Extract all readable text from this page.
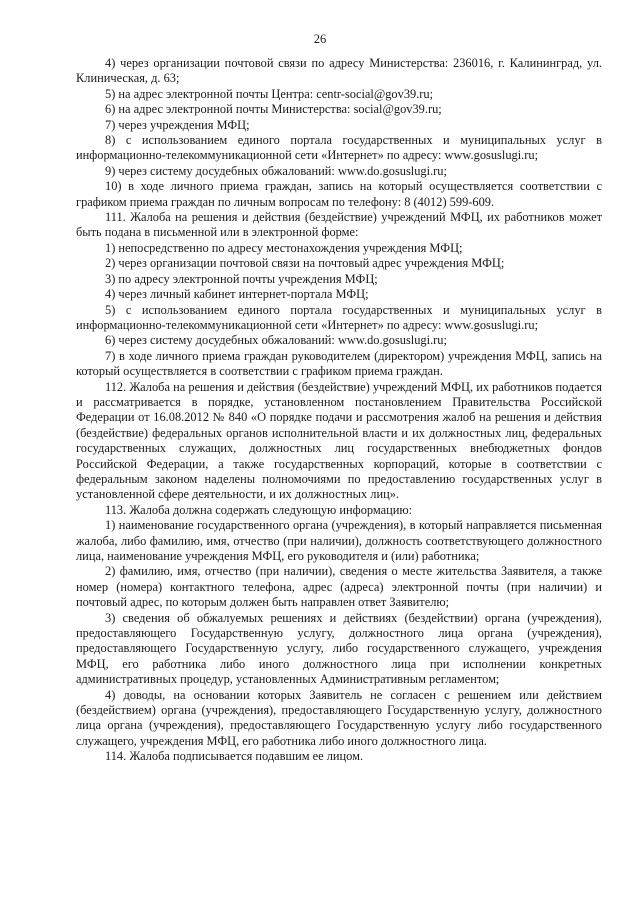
26

4) через организации почтовой связи по адресу Министерства: 236016, г. Калининград, ул. Клиническая, д. 63;

5) на адрес электронной почты Центра: centr-social@gov39.ru;

6) на адрес электронной почты Министерства: social@gov39.ru;

7) через учреждения МФЦ;

8) с использованием единого портала государственных и муниципальных услуг в информационно-телекоммуникационной сети «Интернет» по адресу: www.gosuslugi.ru;

9) через систему досудебных обжалований: www.do.gosuslugi.ru;

10) в ходе личного приема граждан, запись на который осуществляется соответствии с графиком приема граждан по личным вопросам по телефону: 8 (4012) 599-609.

111. Жалоба на решения и действия (бездействие) учреждений МФЦ, их работников может быть подана в письменной или в электронной форме:

1) непосредственно по адресу местонахождения учреждения МФЦ;

2) через организации почтовой связи на почтовый адрес учреждения МФЦ;

3) по адресу электронной почты учреждения МФЦ;

4) через личный кабинет интернет-портала МФЦ;

5) с использованием единого портала государственных и муниципальных услуг в информационно-телекоммуникационной сети «Интернет» по адресу: www.gosuslugi.ru;

6) через систему досудебных обжалований: www.do.gosuslugi.ru;

7) в ходе личного приема граждан руководителем (директором) учреждения МФЦ, запись на который осуществляется в соответствии с графиком приема граждан.

112. Жалоба на решения и действия (бездействие) учреждений МФЦ, их работников подается и рассматривается в порядке, установленном постановлением Правительства Российской Федерации от 16.08.2012 № 840 «О порядке подачи и рассмотрения жалоб на решения и действия (бездействие) федеральных органов исполнительной власти и их должностных лиц, федеральных государственных служащих, должностных лиц государственных внебюджетных фондов Российской Федерации, а также государственных корпораций, которые в соответствии с федеральным законом наделены полномочиями по предоставлению государственных услуг в установленной сфере деятельности, и их должностных лиц».

113. Жалоба должна содержать следующую информацию:

1) наименование государственного органа (учреждения), в который направляется письменная жалоба, либо фамилию, имя, отчество (при наличии), должность соответствующего должностного лица, наименование учреждения МФЦ, его руководителя и (или) работника;

2) фамилию, имя, отчество (при наличии), сведения о месте жительства Заявителя, а также номер (номера) контактного телефона, адрес (адреса) электронной почты (при наличии) и почтовый адрес, по которым должен быть направлен ответ Заявителю;

3) сведения об обжалуемых решениях и действиях (бездействии) органа (учреждения), предоставляющего Государственную услугу, должностного лица органа (учреждения), предоставляющего Государственную услугу, либо государственного служащего, учреждения МФЦ, его работника либо иного должностного лица при исполнении конкретных административных процедур, установленных Административным регламентом;

4) доводы, на основании которых Заявитель не согласен с решением или действием (бездействием) органа (учреждения), предоставляющего Государственную услугу, должностного лица органа (учреждения), предоставляющего Государственную услугу либо государственного служащего, учреждения МФЦ, его работника либо иного должностного лица.

114. Жалоба подписывается подавшим ее лицом.
